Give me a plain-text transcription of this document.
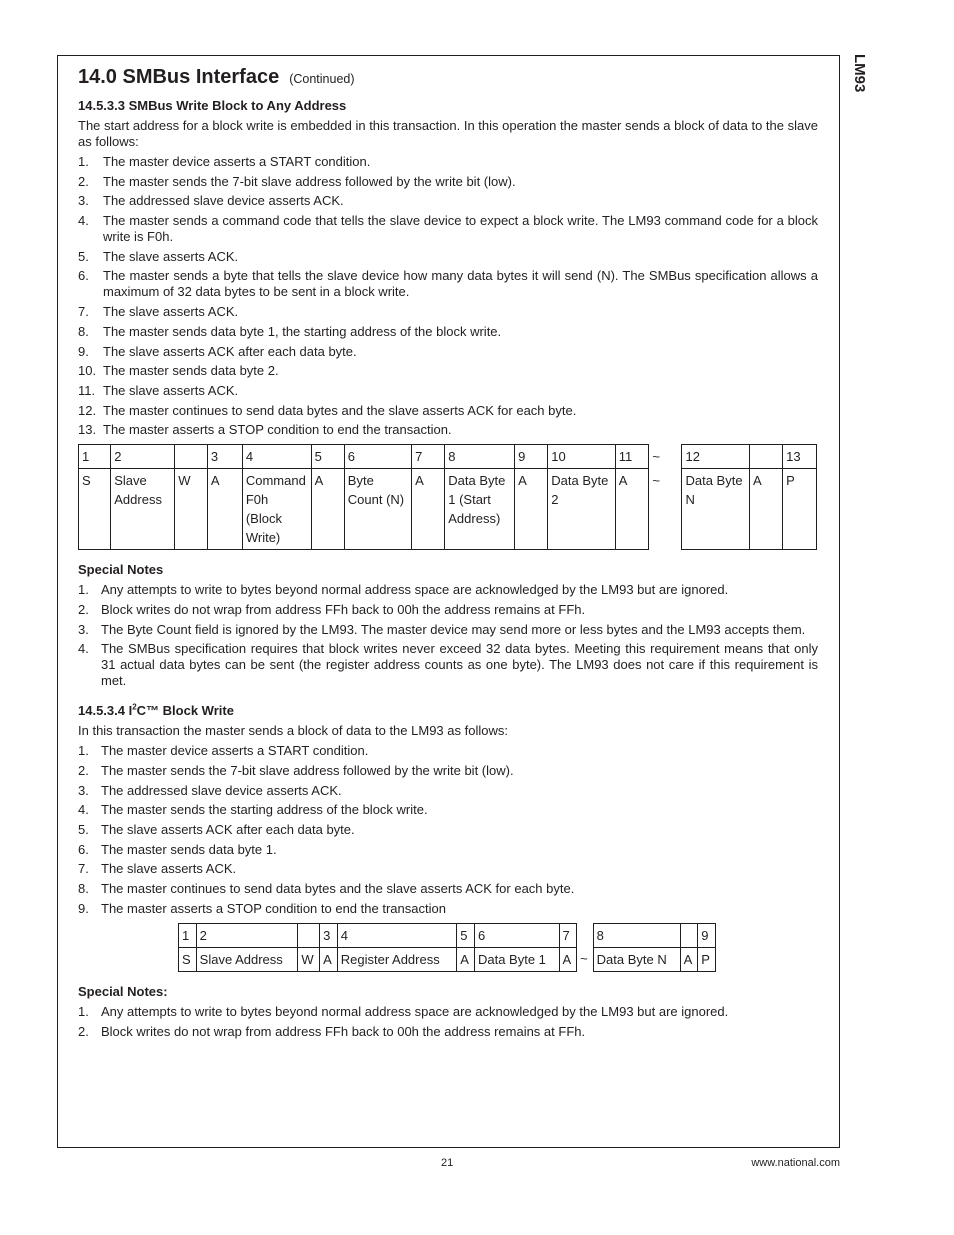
LM93
14.0 SMBus Interface (Continued)
14.5.3.3 SMBus Write Block to Any Address

The start address for a block write is embedded in this transaction. In this operation the master sends a block of data to the slave as follows:

1. The master device asserts a START condition.
2. The master sends the 7-bit slave address followed by the write bit (low).
3. The addressed slave device asserts ACK.
4. The master sends a command code that tells the slave device to expect a block write. The LM93 command code for a block write is F0h.
5. The slave asserts ACK.
6. The master sends a byte that tells the slave device how many data bytes it will send (N). The SMBus specification allows a maximum of 32 data bytes to be sent in a block write.
7. The slave asserts ACK.
8. The master sends data byte 1, the starting address of the block write.
9. The slave asserts ACK after each data byte.
10. The master sends data byte 2.
11. The slave asserts ACK.
12. The master continues to send data bytes and the slave asserts ACK for each byte.
13. The master asserts a STOP condition to end the transaction.
1	2		3	4	5	6	7	8	9	10	11	~	12		13
S	Slave Address	W	A	Command F0h (Block Write)	A	Byte Count (N)	A	Data Byte 1 (Start Address)	A	Data Byte 2	A	~	Data Byte N	A	P
Special Notes
1. Any attempts to write to bytes beyond normal address space are acknowledged by the LM93 but are ignored.
2. Block writes do not wrap from address FFh back to 00h the address remains at FFh.
3. The Byte Count field is ignored by the LM93. The master device may send more or less bytes and the LM93 accepts them.
4. The SMBus specification requires that block writes never exceed 32 data bytes. Meeting this requirement means that only 31 actual data bytes can be sent (the register address counts as one byte). The LM93 does not care if this requirement is met.
14.5.3.4 $I^2C™$ Block Write

In this transaction the master sends a block of data to the LM93 as follows:

1. The master device asserts a START condition.
2. The master sends the 7-bit slave address followed by the write bit (low).
3. The addressed slave device asserts ACK.
4. The master sends the starting address of the block write.
5. The slave asserts ACK after each data byte.
6. The master sends data byte 1.
7. The slave asserts ACK.
8. The master continues to send data bytes and the slave asserts ACK for each byte.
9. The master asserts a STOP condition to end the transaction
1	2		3	4	5	6	7		8		9
S	Slave Address	W	A	Register Address	A	Data Byte 1	A	~	Data Byte N	A	P
Special Notes:
1. Any attempts to write to bytes beyond normal address space are acknowledged by the LM93 but are ignored.
2. Block writes do not wrap from address FFh back to 00h the address remains at FFh.
21	www.national.com
